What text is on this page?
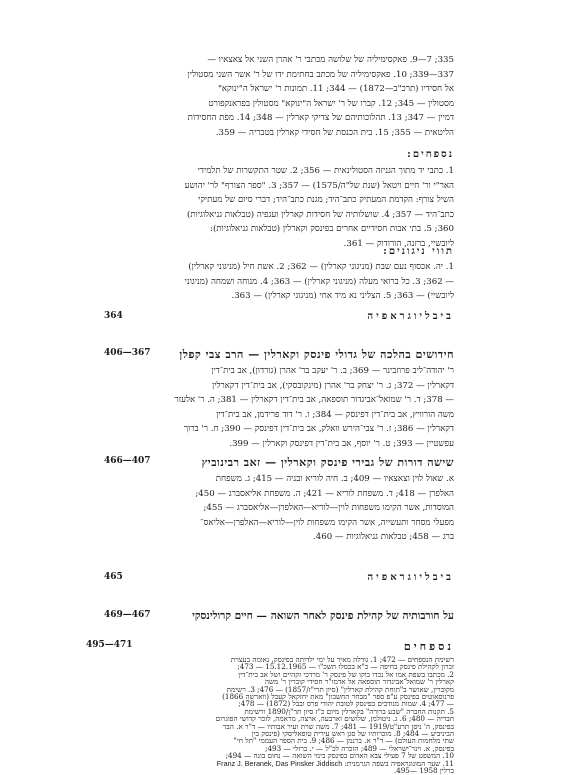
335; 7—9. פאקסימיליה של שלושה מכתבי ר' אהרן השני אל צאצאיו —

337—339; 10. פאקסימיליה של מכתב בחתימת ידו של ר' אשר השני מסטולין

אל חסידיו (תרכ"ב—1872) — 344; 11. תמונות ר' ישראל ה"ינוקא"

מסטולין — 345; 12. קברו של ר' ישראל ה"ינוקא" מסטולין בפראנקפורט

דמיין — 347; 13. תהלוכותיהם של צדיקי קארלין — 348; 14. מפת החסידות

הליטאית — 355; 15. בית הכנסת של חסידי קארלין בטבריה — 359.

נספחים:

1. כתבי יד מתוך הגניזה הסטולינאית — 356; 2. שטר התקשרות של תלמידי

האר"י ור' חיים ויטאל (שנת של"ה/1575) — 357; 3. "ספר הצורף" לר' יהושע

השיל צורף: הקדמת המעתיק כתב־היד; מגנת כתב־היד; דברי סיום של מעתיקי

כתב־היד — 357; 4. שושלותיה של חסידות קארלין ועגפיה (טבלאות גניאלוגיות)

360; 5. בתי אבות חסידיים אחרים בפינסק וקארלין (טבלאות גניאלוגיות):

ליובשיי, ברזנה, הורודוק — 361.

תווי ניגונים:

1. יה. אכסוף נעם שבת (מניגוני קארלין) — 362; 2. אשת חיל (מניגוני קארלין)

— 362; 3. כל ברואי מעלה (מניגוני קארלין) — 363; 4. מנוחה ושמחה (מניגוני

ליובשיי) — 363; 5. הצליני נא מיד אחי (מניגוני קארלין) — 363.

ביבליוגראפיה
364
חידושים בהלכה של גדולי פינסק וקארלין — הרב צבי קפלן
406—367

ר' יהודה־ליב פרוזבינר — 369; ב. ר' יעקב בר' אהרן (גורדון), אב בית־דין

דקארלין — 372; ג. ר' יצחק בר' אהרן (מינקובסקי), אב בית־דין דקארלין

— 378; ד. ר' שמואל־אביגדור תוספאה, אב בית־דין דקארלין — 381; ה. ר' אלעזר

משה הורוויץ, אב בית־דין דפינסק — 384; ו. ר' דוד פרידמן, אב בית־דין

דקארלין — 386; ז. ר' צבי־הירש וואלק, אב בית־דין דפינסק — 390; ח. ר' ברוך

עפשטיין — 393; ט. ר' יוסף, אב בית־דין דפינסק וקארלין — 399.

שישה דורות של גבירי פינסק וקארלין — זאב רבינוביץ
466—407

א. שאול לוין וצאצאיו — 409; ב. חיה לוריא ובניה — 415; ג. משפחת

האלפרן — 418; ד. משפחת לוריא — 421; ה. משפחת אליאסברג — 450;

המוסדות, אשר הקימו משפחות לוין—לוריא—האלפרן—אליאסברג — 455;

מפעלי מסחר ותעשייה, אשר הקימו משפחות לוין—לוריא—האלפרן—אליאס־

ברג — 458; טבלאות גניאלוגיות — 460.

ביבליוגראפיה
465
על חורבותיה של קהילת פינסק לאחר השואה — חיים קרולינסקי
469—467
נספחים
495—471

רשימת הנספחים — 472; 1. גודלה מאיר על ימי ילדותה בפינסק, נאומה בעצרת

זכרון לקהילת פינסק בחיפה — כ"א בכסלו תשכ"ו — 15.12.1965 — 473;

2. מכתבו בשפת אמו אל נכדו בוקו של פינסק ר' מרדכי זקהיים ושל אב בית־דין

קארלין ר' שמואל־אביגדור תוספאה אל אדמו"ר חסידי קוברין ר' משה

מקוברין, שאושר ב"תוחת קהילת קארלין" (סיון תרי"ז/1857) — 476; 3. רשימת

פרנוסאוטים בפינסק ע"פ ספר "מבחר החשבון" מאת יחזקאל קעבל (ווארשה 1866)

— 477; 4. שמות מנודבים בפינסק לטובת יהודי פרס ובבל (1872) — 478;

5. תקנות החברה "שבע ברורה" בקארלין מיום כ"ז סיון תר"ן/1890 ורשימת

חבריה — 480; 6. ג. ניטולמן, שלושים וארבעה, ארצה, מראמה, לזכר קדושי הפוגרום

בפינסק, ה' ניסן תרע"ט/1919 — 481; 7. משה שרת ועיר אבותיו — ד"ר א. הבר

הביניביע — 484; 8. מוכרותיו של סגן ראש עירית טופאליסקי (פינסק בין

שתי מלחמות העולם) — ד"ר א. ברנמן — 486; 9. בית הספר העממי "תל חי"

בפינסק, א. וינר־ישראלי — 489; הזכרה לכ"ל — י. ברזלי — 493;

10. המשפט של 7 פעילי צבא האדום בפינסק בימי השואה — נחום בונה — 494;

11. שער המונוגראפיה בשפה הגרמנית: Franz J. Beranek, Das Pinsker Jiddisch

ברלין 1958 —495.
